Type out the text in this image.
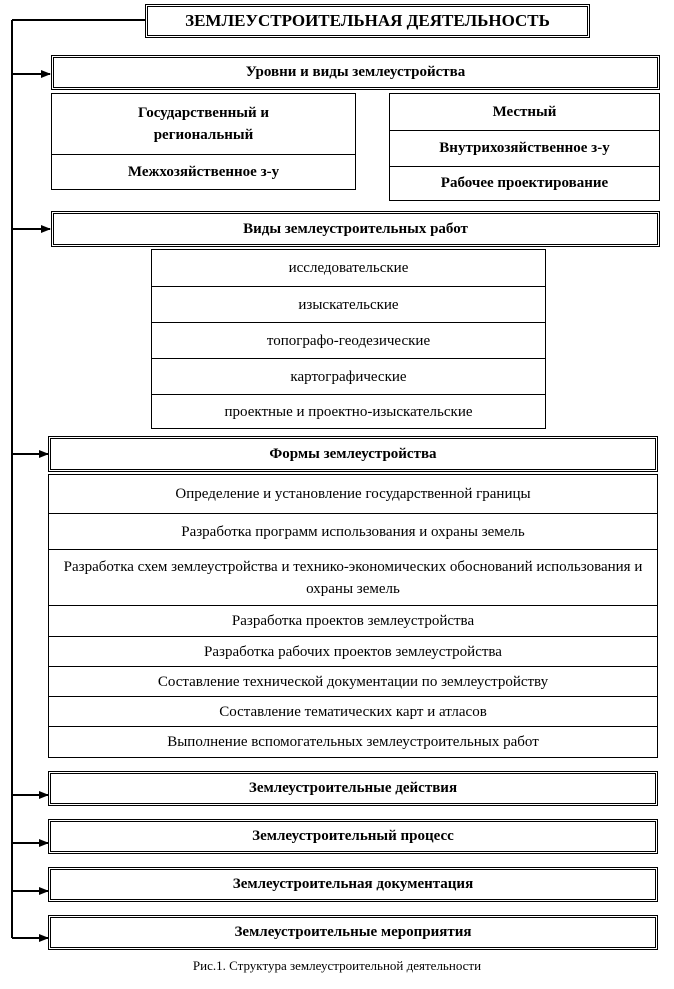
ЗЕМЛЕУСТРОИТЕЛЬНАЯ ДЕЯТЕЛЬНОСТЬ
Уровни и виды землеустройства
Государственный и региональный
Межхозяйственное з-у
Местный
Внутрихозяйственное з-у
Рабочее проектирование
Виды землеустроительных работ
исследовательские
изыскательские
топографо-геодезические
картографические
проектные и проектно-изыскательские
Формы землеустройства
Определение и установление государственной границы
Разработка программ использования и охраны земель
Разработка схем землеустройства и технико-экономических обоснований использования и охраны земель
Разработка проектов землеустройства
Разработка рабочих проектов землеустройства
Составление технической документации по землеустройству
Составление тематических карт и атласов
Выполнение вспомогательных землеустроительных работ
Землеустроительные действия
Землеустроительный процесс
Землеустроительная документация
Землеустроительные мероприятия
Рис.1. Структура землеустроительной деятельности
